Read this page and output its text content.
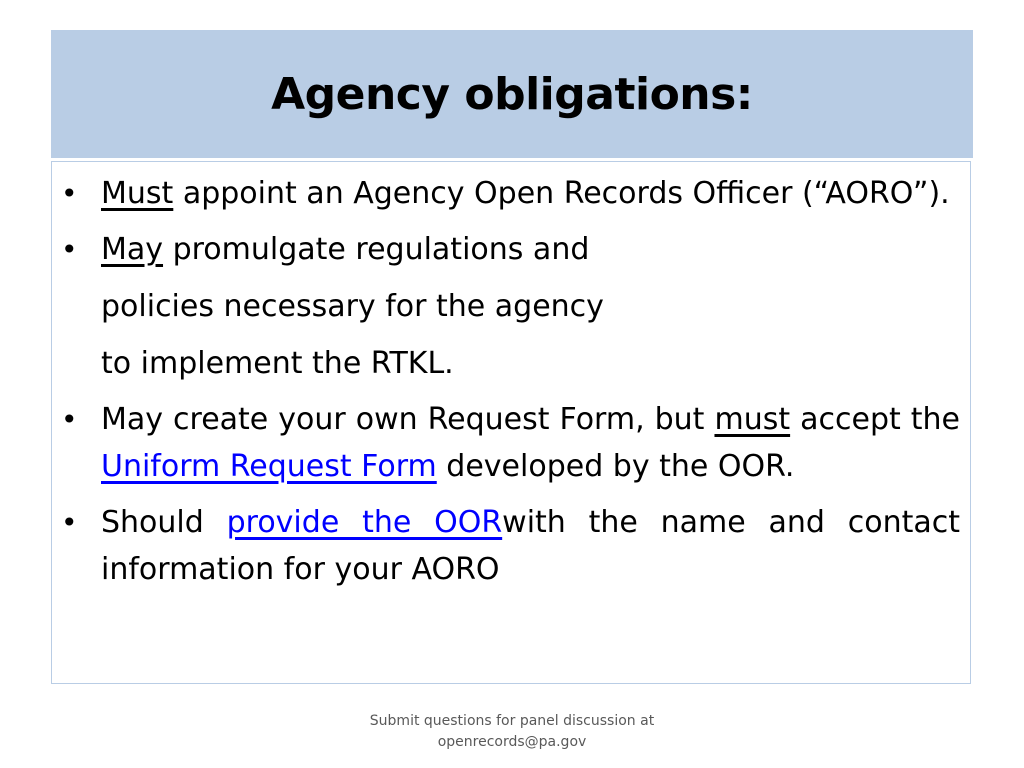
Agency obligations:
• Must appoint an Agency Open Records Officer (“AORO”).
• May promulgate regulations and
policies necessary for the agency
to implement the RTKL.
• May create your own Request Form, but must accept the Uniform Request Form developed by the OOR.
• Should provide the OORwith the name and contact information for your AORO
Submit questions for panel discussion at
openrecords@pa.gov
